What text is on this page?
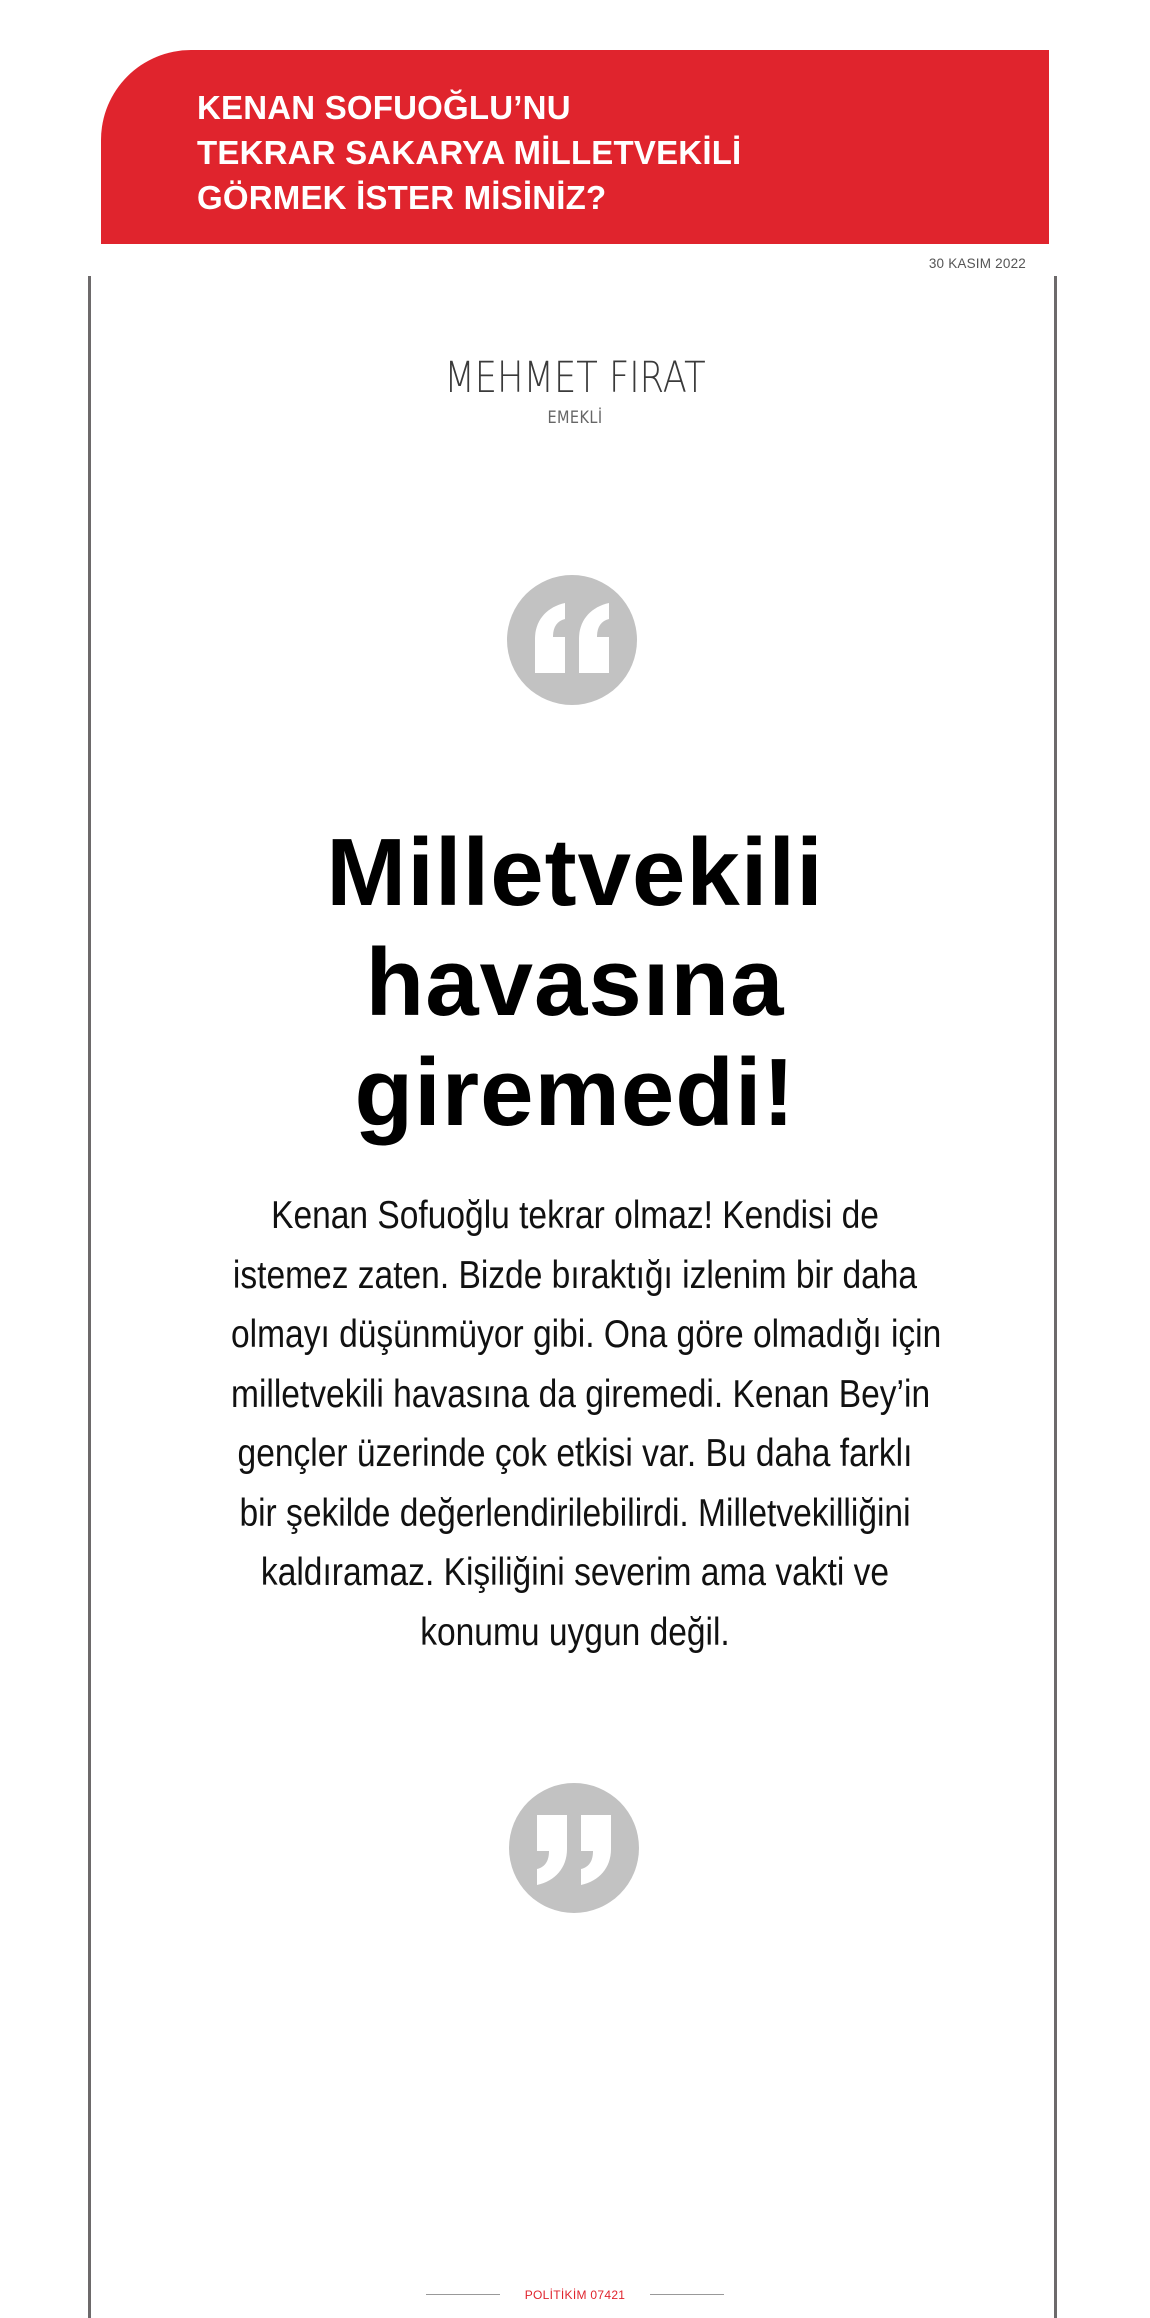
KENAN SOFUOĞLU’NU
TEKRAR SAKARYA MİLLETVEKİLİ
GÖRMEK İSTER MİSİNİZ?
30 KASIM 2022
MEHMET FIRAT
EMEKLİ
Milletvekili
havasına
giremedi!
Kenan Sofuoğlu tekrar olmaz! Kendisi de
istemez zaten. Bizde bıraktığı izlenim bir daha
olmayı düşünmüyor gibi. Ona göre olmadığı için
milletvekili havasına da giremedi. Kenan Bey’in
gençler üzerinde çok etkisi var. Bu daha farklı
bir şekilde değerlendirilebilirdi. Milletvekilliğini
kaldıramaz. Kişiliğini severim ama vakti ve
konumu uygun değil.
POLİTİKİM 07421
